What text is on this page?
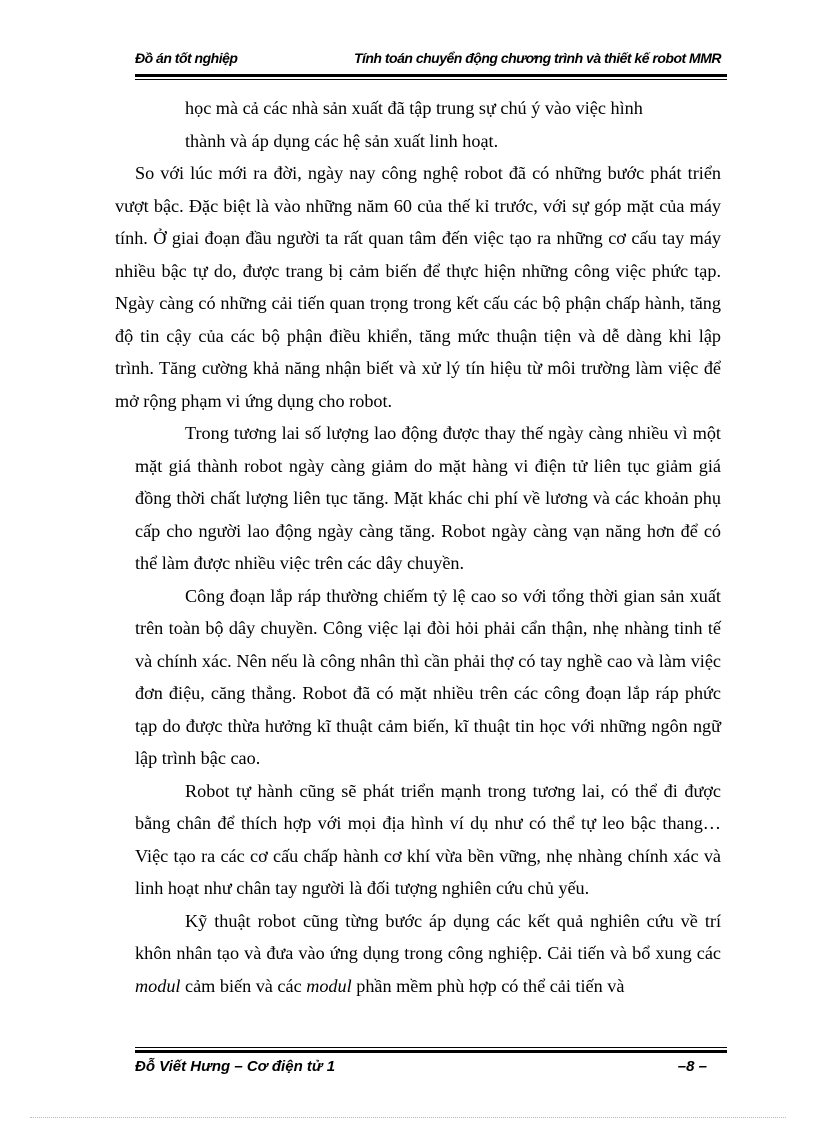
Đồ án tốt nghiệp	Tính toán chuyển động chương trình và thiết kế robot MMR

học mà cả các nhà sản xuất đã tập trung sự chú ý vào việc hình

thành và áp dụng các hệ sản xuất linh hoạt.

So với lúc mới ra đời, ngày nay công nghệ robot đã có những bước phát triển vượt bậc. Đặc biệt là vào những năm 60 của thế kỉ trước, với sự góp mặt của máy tính. Ở giai đoạn đầu người ta rất quan tâm đến việc tạo ra những cơ cấu tay máy nhiều bậc tự do, được trang bị cảm biến để thực hiện những công việc phức tạp. Ngày càng có những cải tiến quan trọng trong kết cấu các bộ phận chấp hành, tăng độ tin cậy của các bộ phận điều khiển, tăng mức thuận tiện và dễ dàng khi lập trình. Tăng cường khả năng nhận biết và xử lý tín hiệu từ môi trường làm việc để mở rộng phạm vi ứng dụng cho robot.

Trong tương lai số lượng lao động được thay thế ngày càng nhiều vì một mặt giá thành robot ngày càng giảm do mặt hàng vi điện tử liên tục giảm giá đồng thời chất lượng liên tục tăng. Mặt khác chi phí về lương và các khoản phụ cấp cho người lao động ngày càng tăng. Robot ngày càng vạn năng hơn để có thể làm được nhiều việc trên các dây chuyền.

Công đoạn lắp ráp thường chiếm tỷ lệ cao so với tổng thời gian sản xuất trên toàn bộ dây chuyền. Công việc lại đòi hỏi phải cẩn thận, nhẹ nhàng tinh tế và chính xác. Nên nếu là công nhân thì cần phải thợ có tay nghề cao và làm việc đơn điệu, căng thẳng. Robot đã có mặt nhiều trên các công đoạn lắp ráp phức tạp do được thừa hưởng kĩ thuật cảm biến, kĩ thuật tin học với những ngôn ngữ lập trình bậc cao.

Robot tự hành cũng sẽ phát triển mạnh trong tương lai, có thể đi được bằng chân để thích hợp với mọi địa hình ví dụ như có thể tự leo bậc thang… Việc tạo ra các cơ cấu chấp hành cơ khí vừa bền vững, nhẹ nhàng chính xác và linh hoạt như chân tay người là đối tượng nghiên cứu chủ yếu.

Kỹ thuật robot cũng từng bước áp dụng các kết quả nghiên cứu về trí khôn nhân tạo và đưa vào ứng dụng trong công nghiệp. Cải tiến và bổ xung các modul cảm biến và các modul phần mềm phù hợp có thể cải tiến và

Đỗ Viết Hưng – Cơ điện tử 1	–8 –
